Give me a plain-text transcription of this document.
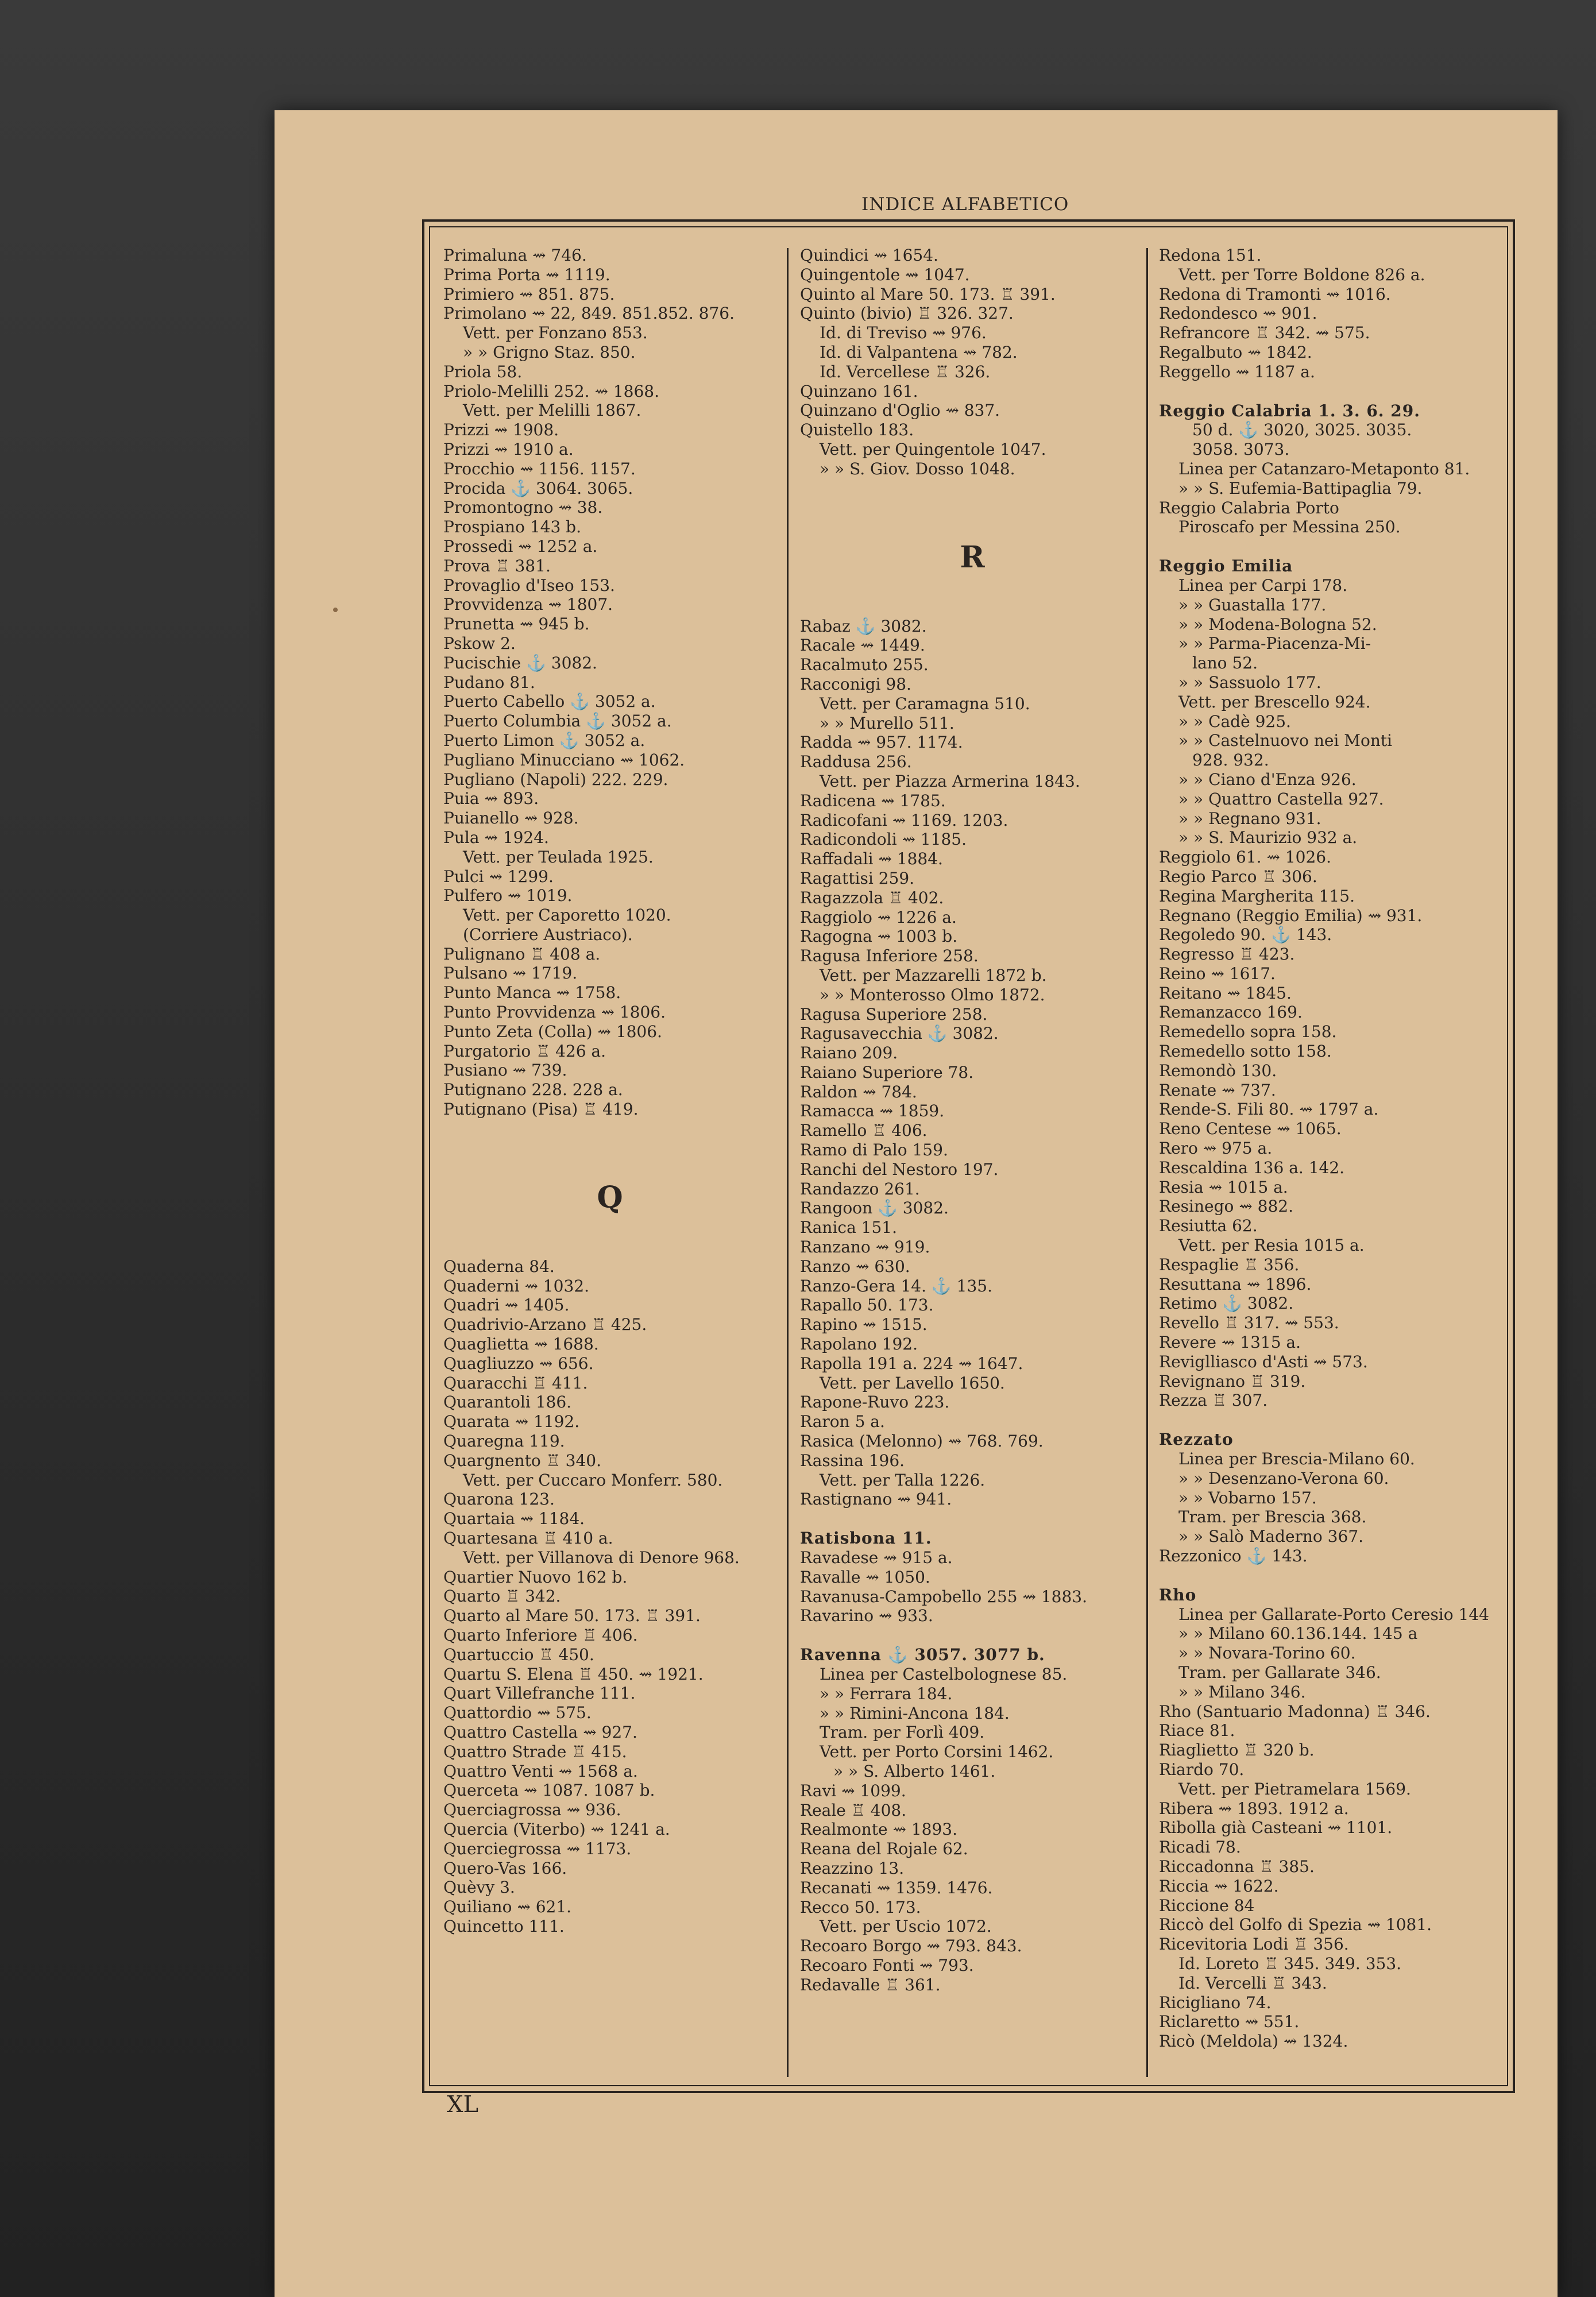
INDICE ALFABETICO
Primaluna ⇝ 746.
Prima Porta ⇝ 1119.
Primiero ⇝ 851. 875.
Primolano ⇝ 22, 849. 851.852. 876.
Vett. per Fonzano 853.
» » Grigno Staz. 850.
Priola 58.
Priolo-Melilli 252. ⇝ 1868.
Vett. per Melilli 1867.
Prizzi ⇝ 1908.
Prizzi ⇝ 1910 a.
Procchio ⇝ 1156. 1157.
Procida ⚓ 3064. 3065.
Promontogno ⇝ 38.
Prospiano 143 b.
Prossedi ⇝ 1252 a.
Prova ♖ 381.
Provaglio d'Iseo 153.
Provvidenza ⇝ 1807.
Prunetta ⇝ 945 b.
Pskow 2.
Pucischie ⚓ 3082.
Pudano 81.
Puerto Cabello ⚓ 3052 a.
Puerto Columbia ⚓ 3052 a.
Puerto Limon ⚓ 3052 a.
Pugliano Minucciano ⇝ 1062.
Pugliano (Napoli) 222. 229.
Puia ⇝ 893.
Puianello ⇝ 928.
Pula ⇝ 1924.
Vett. per Teulada 1925.
Pulci ⇝ 1299.
Pulfero ⇝ 1019.
Vett. per Caporetto 1020.
(Corriere Austriaco).
Pulignano ♖ 408 a.
Pulsano ⇝ 1719.
Punto Manca ⇝ 1758.
Punto Provvidenza ⇝ 1806.
Punto Zeta (Colla) ⇝ 1806.
Purgatorio ♖ 426 a.
Pusiano ⇝ 739.
Putignano 228. 228 a.
Putignano (Pisa) ♖ 419.
Q
Quaderna 84.
Quaderni ⇝ 1032.
Quadri ⇝ 1405.
Quadrivio-Arzano ♖ 425.
Quaglietta ⇝ 1688.
Quagliuzzo ⇝ 656.
Quaracchi ♖ 411.
Quarantoli 186.
Quarata ⇝ 1192.
Quaregna 119.
Quargnento ♖ 340.
Vett. per Cuccaro Monferr. 580.
Quarona 123.
Quartaia ⇝ 1184.
Quartesana ♖ 410 a.
Vett. per Villanova di Denore 968.
Quartier Nuovo 162 b.
Quarto ♖ 342.
Quarto al Mare 50. 173. ♖ 391.
Quarto Inferiore ♖ 406.
Quartuccio ♖ 450.
Quartu S. Elena ♖ 450. ⇝ 1921.
Quart Villefranche 111.
Quattordio ⇝ 575.
Quattro Castella ⇝ 927.
Quattro Strade ♖ 415.
Quattro Venti ⇝ 1568 a.
Querceta ⇝ 1087. 1087 b.
Querciagrossa ⇝ 936.
Quercia (Viterbo) ⇝ 1241 a.
Querciegrossa ⇝ 1173.
Quero-Vas 166.
Quèvy 3.
Quiliano ⇝ 621.
Quincetto 111.
Quindici ⇝ 1654.
Quingentole ⇝ 1047.
Quinto al Mare 50. 173. ♖ 391.
Quinto (bivio) ♖ 326. 327.
Id. di Treviso ⇝ 976.
Id. di Valpantena ⇝ 782.
Id. Vercellese ♖ 326.
Quinzano 161.
Quinzano d'Oglio ⇝ 837.
Quistello 183.
Vett. per Quingentole 1047.
» » S. Giov. Dosso 1048.
R
Rabaz ⚓ 3082.
Racale ⇝ 1449.
Racalmuto 255.
Racconigi 98.
Vett. per Caramagna 510.
» » Murello 511.
Radda ⇝ 957. 1174.
Raddusa 256.
Vett. per Piazza Armerina 1843.
Radicena ⇝ 1785.
Radicofani ⇝ 1169. 1203.
Radicondoli ⇝ 1185.
Raffadali ⇝ 1884.
Ragattisi 259.
Ragazzola ♖ 402.
Raggiolo ⇝ 1226 a.
Ragogna ⇝ 1003 b.
Ragusa Inferiore 258.
Vett. per Mazzarelli 1872 b.
» » Monterosso Olmo 1872.
Ragusa Superiore 258.
Ragusavecchia ⚓ 3082.
Raiano 209.
Raiano Superiore 78.
Raldon ⇝ 784.
Ramacca ⇝ 1859.
Ramello ♖ 406.
Ramo di Palo 159.
Ranchi del Nestoro 197.
Randazzo 261.
Rangoon ⚓ 3082.
Ranica 151.
Ranzano ⇝ 919.
Ranzo ⇝ 630.
Ranzo-Gera 14. ⚓ 135.
Rapallo 50. 173.
Rapino ⇝ 1515.
Rapolano 192.
Rapolla 191 a. 224 ⇝ 1647.
Vett. per Lavello 1650.
Rapone-Ruvo 223.
Raron 5 a.
Rasica (Melonno) ⇝ 768. 769.
Rassina 196.
Vett. per Talla 1226.
Rastignano ⇝ 941.
Ratisbona 11.
Ravadese ⇝ 915 a.
Ravalle ⇝ 1050.
Ravanusa-Campobello 255 ⇝ 1883.
Ravarino ⇝ 933.
Ravenna ⚓ 3057. 3077 b.
Linea per Castelbolognese 85.
» » Ferrara 184.
» » Rimini-Ancona 184.
Tram. per Forlì 409.
Vett. per Porto Corsini 1462.
» » S. Alberto 1461.
Ravi ⇝ 1099.
Reale ♖ 408.
Realmonte ⇝ 1893.
Reana del Rojale 62.
Reazzino 13.
Recanati ⇝ 1359. 1476.
Recco 50. 173.
Vett. per Uscio 1072.
Recoaro Borgo ⇝ 793. 843.
Recoaro Fonti ⇝ 793.
Redavalle ♖ 361.
Redona 151.
Vett. per Torre Boldone 826 a.
Redona di Tramonti ⇝ 1016.
Redondesco ⇝ 901.
Refrancore ♖ 342. ⇝ 575.
Regalbuto ⇝ 1842.
Reggello ⇝ 1187 a.
Reggio Calabria 1. 3. 6. 29.
50 d. ⚓ 3020, 3025. 3035.
3058. 3073.
Linea per Catanzaro-Metaponto 81.
» » S. Eufemia-Battipaglia 79.
Reggio Calabria Porto
Piroscafo per Messina 250.
Reggio Emilia
Linea per Carpi 178.
» » Guastalla 177.
» » Modena-Bologna 52.
» » Parma-Piacenza-Mi-
lano 52.
» » Sassuolo 177.
Vett. per Brescello 924.
» » Cadè 925.
» » Castelnuovo nei Monti
928. 932.
» » Ciano d'Enza 926.
» » Quattro Castella 927.
» » Regnano 931.
» » S. Maurizio 932 a.
Reggiolo 61. ⇝ 1026.
Regio Parco ♖ 306.
Regina Margherita 115.
Regnano (Reggio Emilia) ⇝ 931.
Regoledo 90. ⚓ 143.
Regresso ♖ 423.
Reino ⇝ 1617.
Reitano ⇝ 1845.
Remanzacco 169.
Remedello sopra 158.
Remedello sotto 158.
Remondò 130.
Renate ⇝ 737.
Rende-S. Fili 80. ⇝ 1797 a.
Reno Centese ⇝ 1065.
Rero ⇝ 975 a.
Rescaldina 136 a. 142.
Resia ⇝ 1015 a.
Resinego ⇝ 882.
Resiutta 62.
Vett. per Resia 1015 a.
Respaglie ♖ 356.
Resuttana ⇝ 1896.
Retimo ⚓ 3082.
Revello ♖ 317. ⇝ 553.
Revere ⇝ 1315 a.
Reviglliasco d'Asti ⇝ 573.
Revignano ♖ 319.
Rezza ♖ 307.
Rezzato
Linea per Brescia-Milano 60.
» » Desenzano-Verona 60.
» » Vobarno 157.
Tram. per Brescia 368.
» » Salò Maderno 367.
Rezzonico ⚓ 143.
Rho
Linea per Gallarate-Porto Ceresio 144
» » Milano 60.136.144. 145 a
» » Novara-Torino 60.
Tram. per Gallarate 346.
» » Milano 346.
Rho (Santuario Madonna) ♖ 346.
Riace 81.
Riaglietto ♖ 320 b.
Riardo 70.
Vett. per Pietramelara 1569.
Ribera ⇝ 1893. 1912 a.
Ribolla già Casteani ⇝ 1101.
Ricadi 78.
Riccadonna ♖ 385.
Riccia ⇝ 1622.
Riccione 84
Riccò del Golfo di Spezia ⇝ 1081.
Ricevitoria Lodi ♖ 356.
Id. Loreto ♖ 345. 349. 353.
Id. Vercelli ♖ 343.
Ricigliano 74.
Riclaretto ⇝ 551.
Ricò (Meldola) ⇝ 1324.
XL
